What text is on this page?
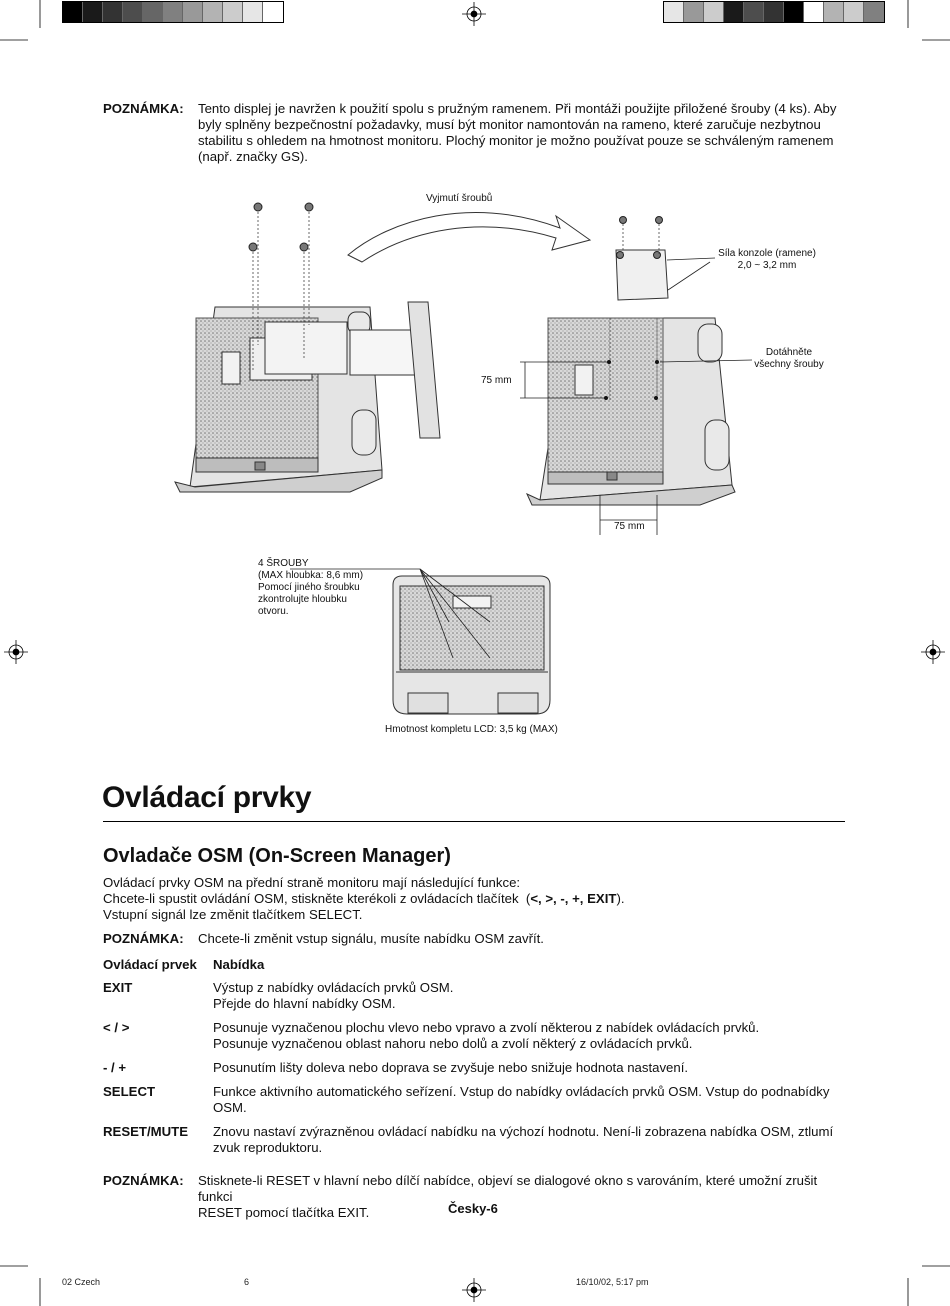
POZNÁMKA: Tento displej je navržen k použití spolu s pružným ramenem. Při montáži použijte přiložené šrouby (4 ks). Aby
byly splněny bezpečnostní požadavky, musí být monitor namontován na rameno, které zaručuje nezbytnou
stabilitu s ohledem na hmotnost monitoru. Plochý monitor je možno používat pouze se schváleným ramenem
(např. značky GS).
Vyjmutí šroubů
Síla konzole (ramene)
2,0 ~ 3,2 mm
Dotáhněte
všechny šrouby
75 mm
75 mm
4 ŠROUBY
(MAX hloubka: 8,6 mm)
Pomocí jiného šroubku
zkontrolujte hloubku
otvoru.
Hmotnost kompletu LCD: 3,5 kg (MAX)
Ovládací prvky
Ovladače OSM (On-Screen Manager)
Ovládací prvky OSM na přední straně monitoru mají následující funkce:
Chcete-li spustit ovládání OSM, stiskněte kterékoli z ovládacích tlačítek  (<, >, -, +, EXIT).
Vstupní signál lze změnit tlačítkem SELECT.
POZNÁMKA: Chcete-li změnit vstup signálu, musíte nabídku OSM zavřít.
Ovládací prvek Nabídka
EXIT	Výstup z nabídky ovládacích prvků OSM.
Přejde do hlavní nabídky OSM.
< / >	Posunuje vyznačenou plochu vlevo nebo vpravo a zvolí některou z nabídek ovládacích prvků.
Posunuje vyznačenou oblast nahoru nebo dolů a zvolí některý z ovládacích prvků.
- / +	Posunutím lišty doleva nebo doprava se zvyšuje nebo snižuje hodnota nastavení.
SELECT	Funkce aktivního automatického seřízení. Vstup do nabídky ovládacích prvků OSM. Vstup do podnabídky
OSM.
RESET/MUTE Znovu nastaví zvýrazněnou ovládací nabídku na výchozí hodnotu. Není-li zobrazena nabídka OSM, ztlumí
zvuk reproduktoru.
POZNÁMKA: Stisknete-li RESET v hlavní nebo dílčí nabídce, objeví se dialogové okno s varováním, které umožní zrušit funkci
RESET pomocí tlačítka EXIT.	Česky-6
02 Czech	6	16/10/02, 5:17 pm
